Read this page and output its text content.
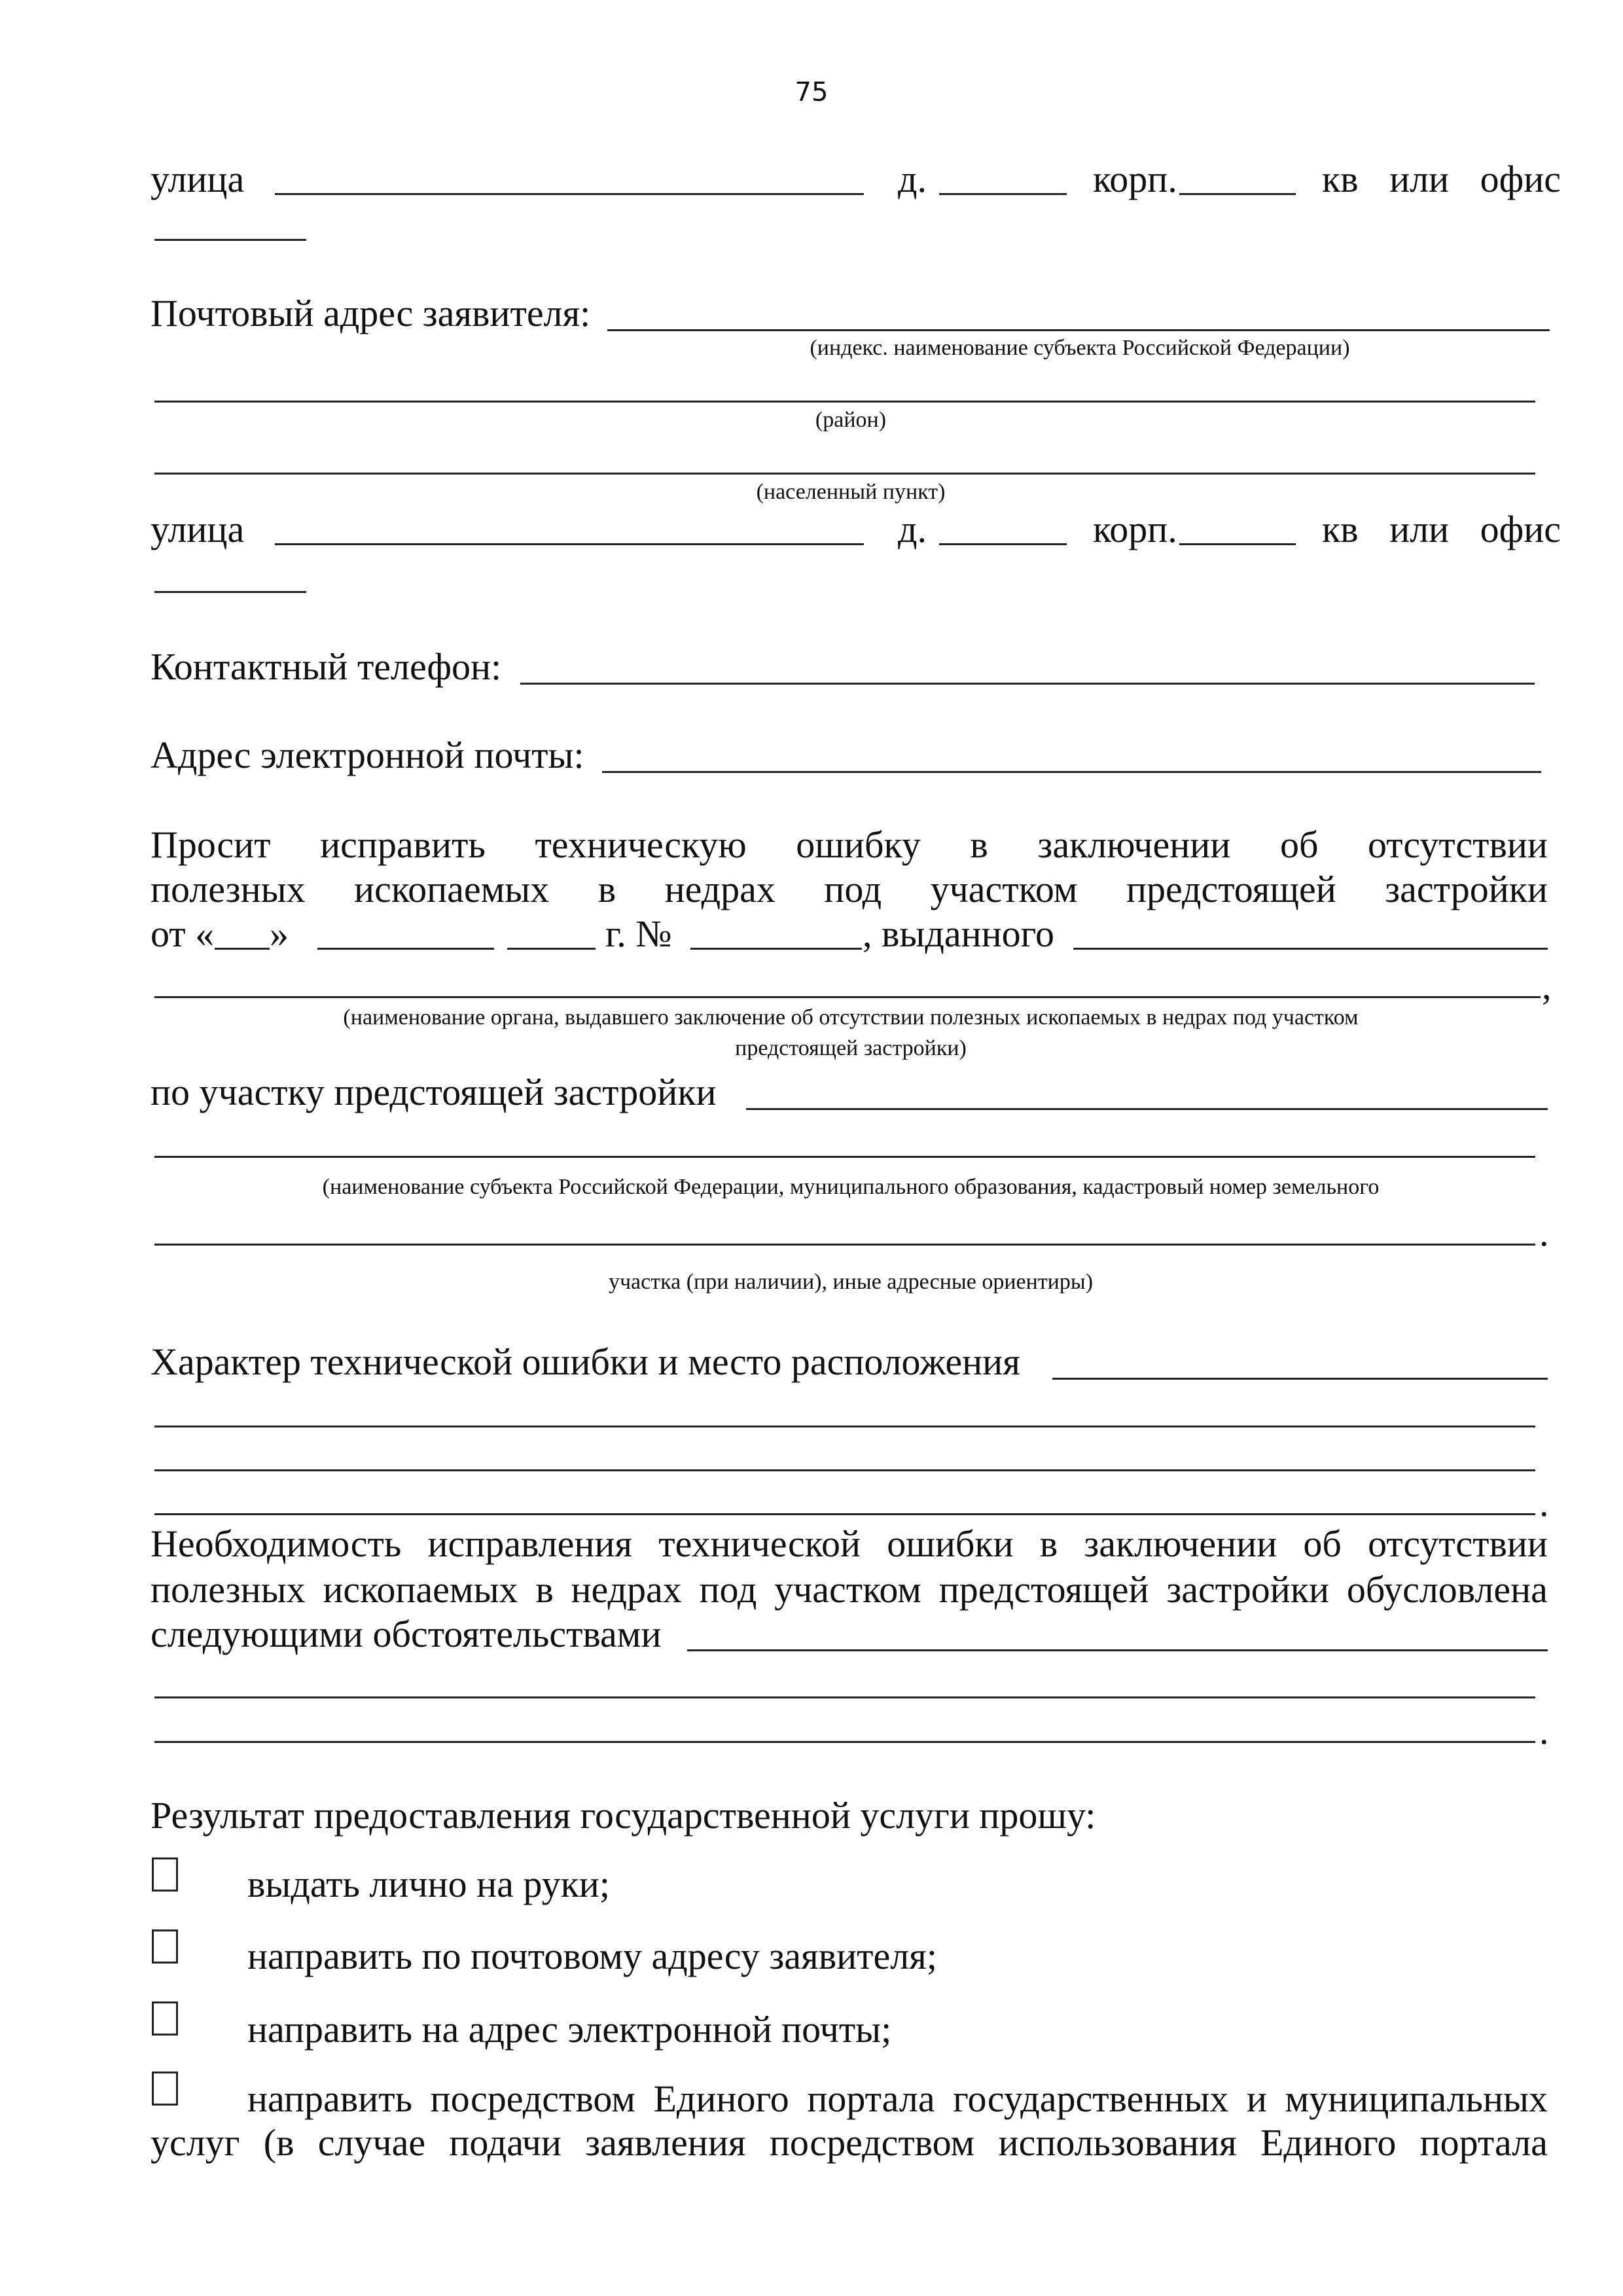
75
улица	д.	корп.	кв или офис
Почтовый адрес заявителя:
(индекс. наименование субъекта Российской Федерации)
(район)
(населенный пункт)
улица	д.	корп.	кв или офис
Контактный телефон:
Адрес электронной почты:
Просит исправить техническую ошибку в заключении об отсутствии
полезных ископаемых в недрах под участком предстоящей застройки
от « »	г. №	, выданного
,
(наименование органа, выдавшего заключение об отсутствии полезных ископаемых в недрах под участком
предстоящей застройки)
по участку предстоящей застройки
(наименование субъекта Российской Федерации, муниципального образования, кадастровый номер земельного
.
участка (при наличии), иные адресные ориентиры)
Характер технической ошибки и место расположения
.
Необходимость исправления технической ошибки в заключении об отсутствии
полезных ископаемых в недрах под участком предстоящей застройки обусловлена
следующими обстоятельствами
.
Результат предоставления государственной услуги прошу:
выдать лично на руки;
направить по почтовому адресу заявителя;
направить на адрес электронной почты;
направить посредством Единого портала государственных и муниципальных
услуг (в случае подачи заявления посредством использования Единого портала
